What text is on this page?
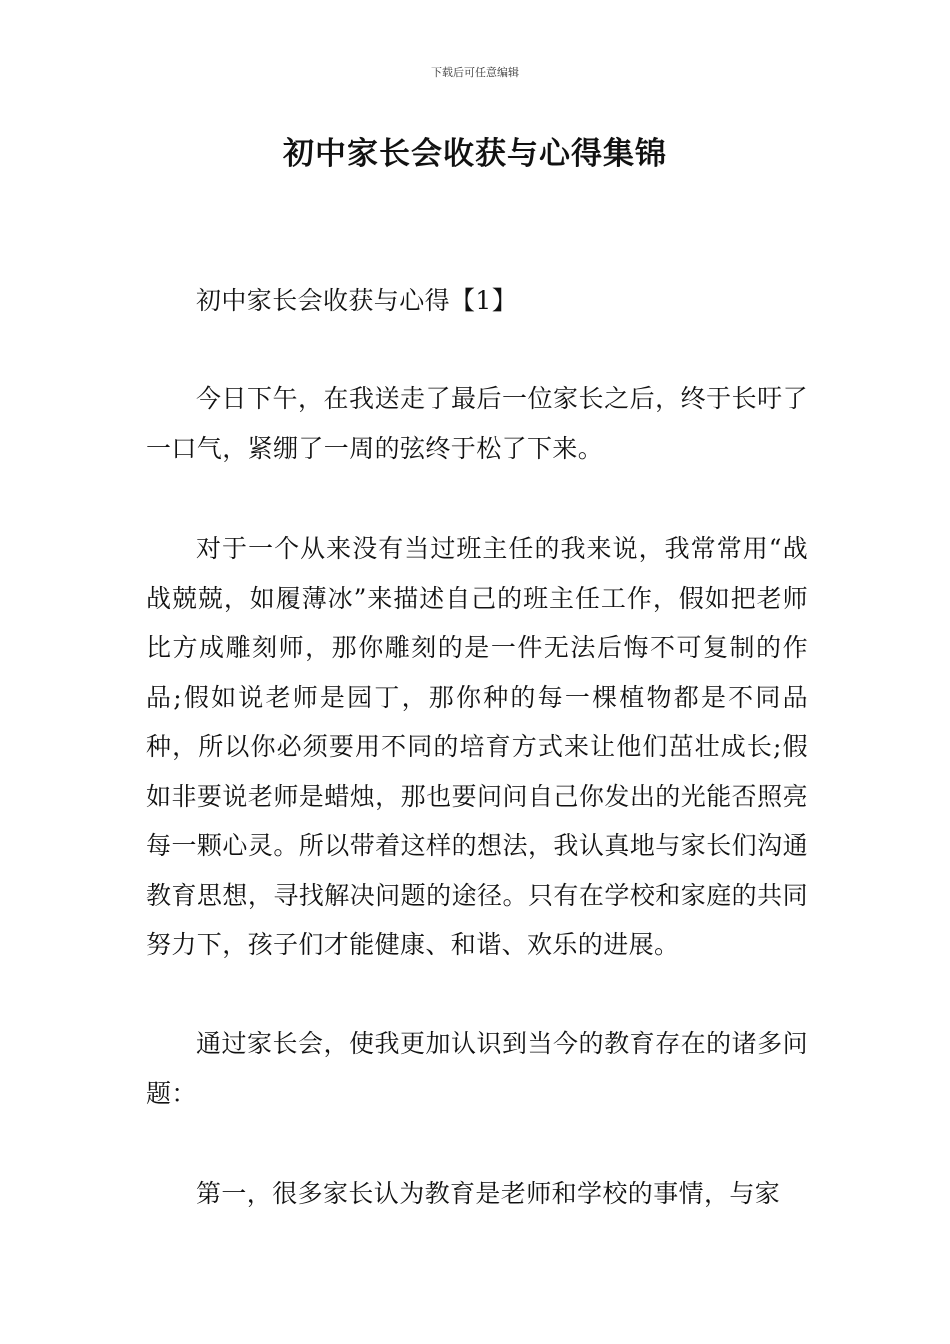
下载后可任意编辑
初中家长会收获与心得集锦

初中家长会收获与心得【1】

今日下午，在我送走了最后一位家长之后，终于长吁了一口气，紧绷了一周的弦终于松了下来。

对于一个从来没有当过班主任的我来说，我常常用“战战兢兢，如履薄冰”来描述自己的班主任工作，假如把老师比方成雕刻师，那你雕刻的是一件无法后悔不可复制的作品;假如说老师是园丁，那你种的每一棵植物都是不同品种，所以你必须要用不同的培育方式来让他们茁壮成长;假如非要说老师是蜡烛，那也要问问自己你发出的光能否照亮每一颗心灵。所以带着这样的想法，我认真地与家长们沟通教育思想，寻找解决问题的途径。只有在学校和家庭的共同努力下，孩子们才能健康、和谐、欢乐的进展。

通过家长会，使我更加认识到当今的教育存在的诸多问题：

第一，很多家长认为教育是老师和学校的事情，与家
